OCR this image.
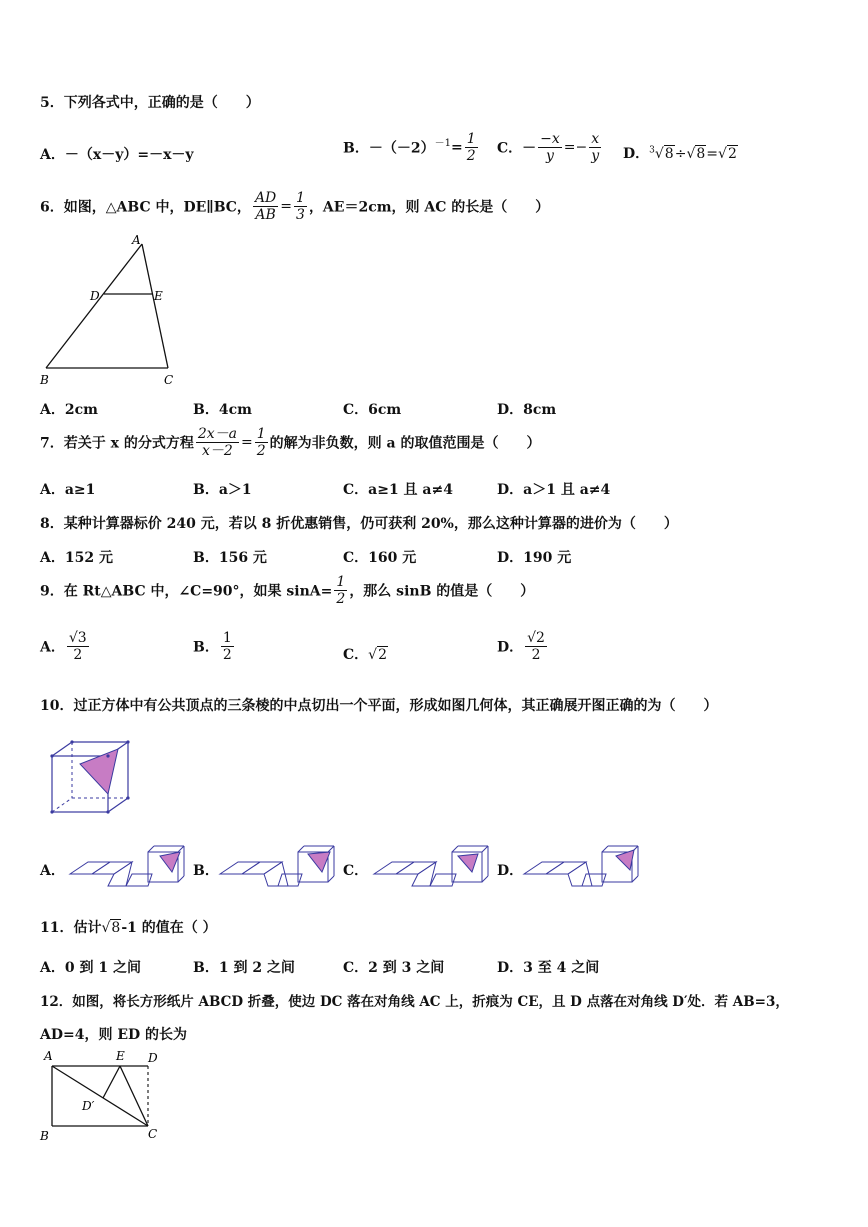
5．下列各式中，正确的是（　　）
A．－（x－y）=－x－y	B．$-(-2)^{-1}= \frac{1}{2}$ C．－ $\frac{-x}{y} =- \frac{x}{y}$ D．$^3$√8÷√8=√2
6．如图，△ABC 中，DE∥BC， $\frac{AD}{AB} = \frac{1}{3}$ ，AE＝2cm，则 AC 的长是（　　）
A
D	E
B	C
A．2cm	B．4cm	C．6cm	D．8cm
7．若关于 x 的分式方程 $\frac{2x-a}{x-2} = \frac{1}{2}$ 的解为非负数，则 a 的取值范围是（　　）
A．a≥1	B．a＞1	C．a≥1 且 a≠4	D．a＞1 且 a≠4
8．某种计算器标价 240 元，若以 8 折优惠销售，仍可获利 20%，那么这种计算器的进价为（　　）
A．152 元	B．156 元	C．160 元	D．190 元
9．在 Rt△ABC 中，∠C=90°，如果 $\sin A= \frac{1}{2}$ ，那么 sinB 的值是（　　）
A． $\frac{√3}{2}$	B． $\frac{1}{2}$	C．√2	D． $\frac{√2}{2}$
10．过正方体中有公共顶点的三条棱的中点切出一个平面，形成如图几何体，其正确展开图正确的为（　　）
A．	B．	C．	D．
11．估计√8-1 的值在（ ）
A．0 到 1 之间	B．1 到 2 之间	C．2 到 3 之间	D．3 至 4 之间
12．如图，将长方形纸片 ABCD 折叠，使边 DC 落在对角线 AC 上，折痕为 CE，且 D 点落在对角线 D′处．若 AB=3，
AD=4，则 ED 的长为
A	E D
D′
B	C
